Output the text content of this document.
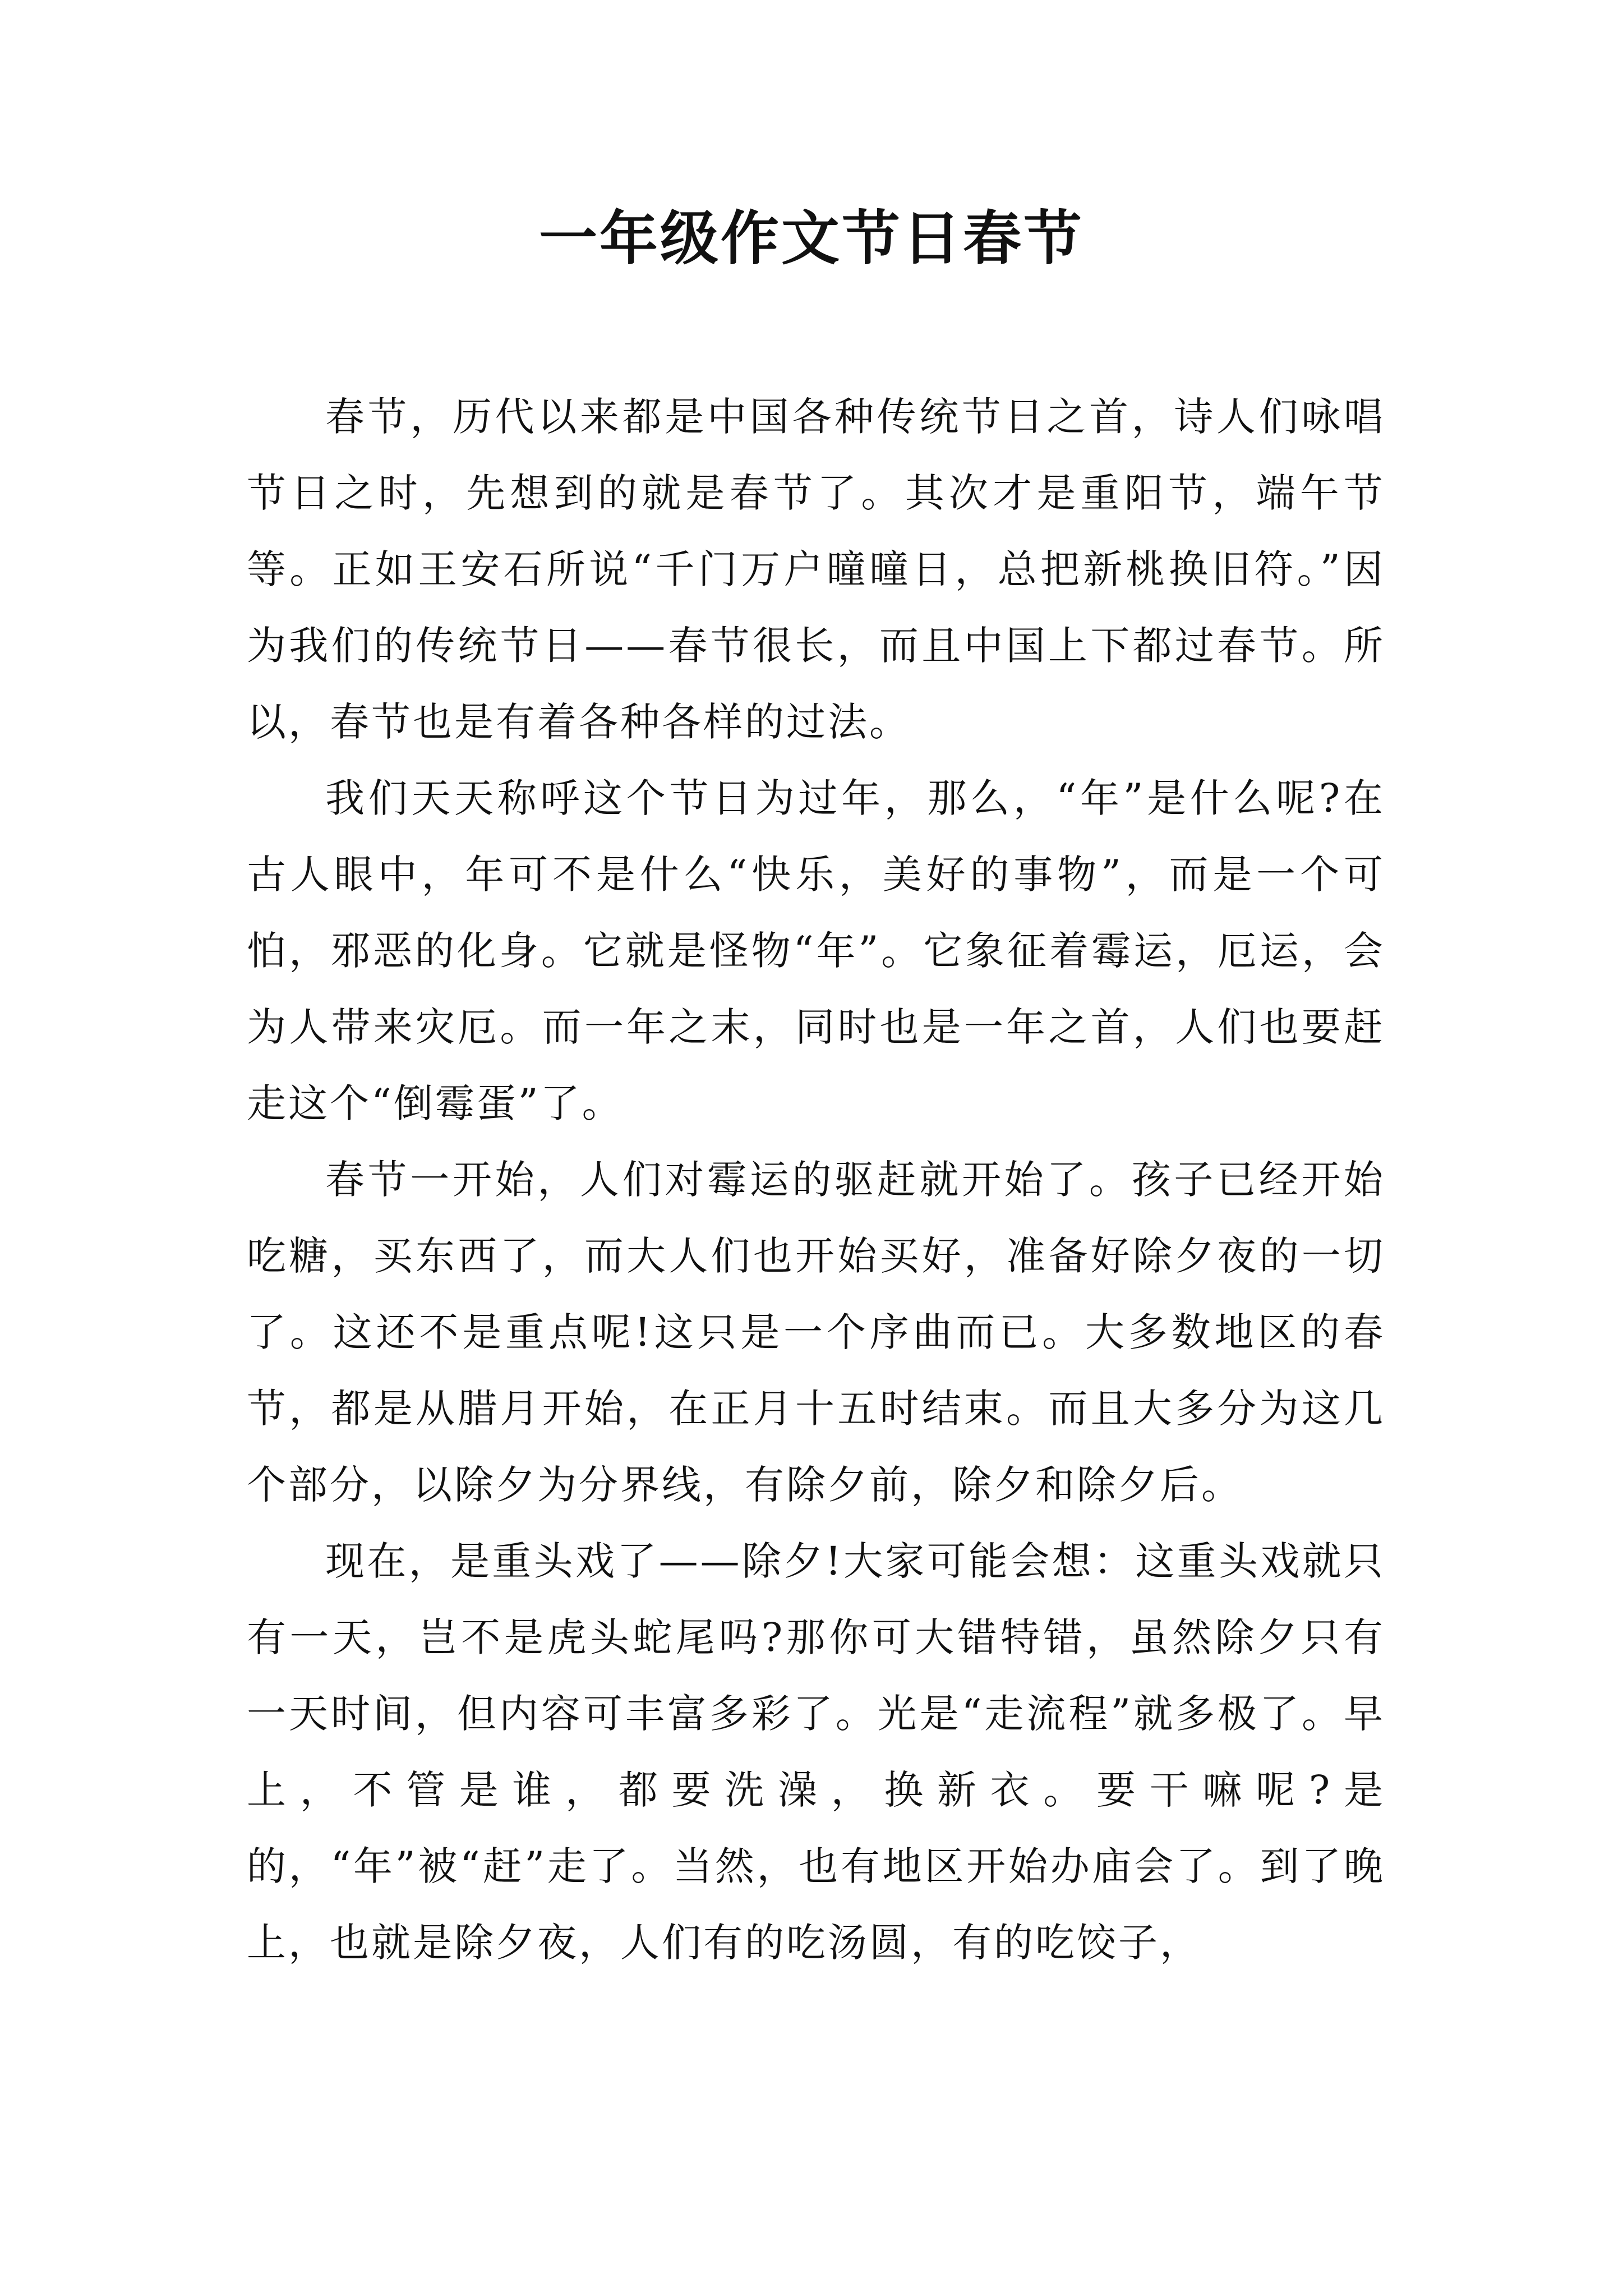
一年级作文节日春节

春节，历代以来都是中国各种传统节日之首，诗人们咏唱节日之时，先想到的就是春节了。其次才是重阳节，端午节等。正如王安石所说“千门万户曈曈日，总把新桃换旧符。”因为我们的传统节日——春节很长，而且中国上下都过春节。所以，春节也是有着各种各样的过法。

我们天天称呼这个节日为过年，那么，“年”是什么呢?在古人眼中，年可不是什么“快乐，美好的事物”，而是一个可怕，邪恶的化身。它就是怪物“年”。它象征着霉运，厄运，会为人带来灾厄。而一年之末，同时也是一年之首，人们也要赶走这个“倒霉蛋”了。

春节一开始，人们对霉运的驱赶就开始了。孩子已经开始吃糖，买东西了，而大人们也开始买好，准备好除夕夜的一切了。这还不是重点呢!这只是一个序曲而已。大多数地区的春节，都是从腊月开始，在正月十五时结束。而且大多分为这几个部分，以除夕为分界线，有除夕前，除夕和除夕后。

现在，是重头戏了——除夕!大家可能会想：这重头戏就只有一天，岂不是虎头蛇尾吗?那你可大错特错，虽然除夕只有一天时间，但内容可丰富多彩了。光是“走流程”就多极了。早上，不管是谁，都要洗澡，换新衣。要干嘛呢?是的，“年”被“赶”走了。当然，也有地区开始办庙会了。到了晚上，也就是除夕夜，人们有的吃汤圆，有的吃饺子，
